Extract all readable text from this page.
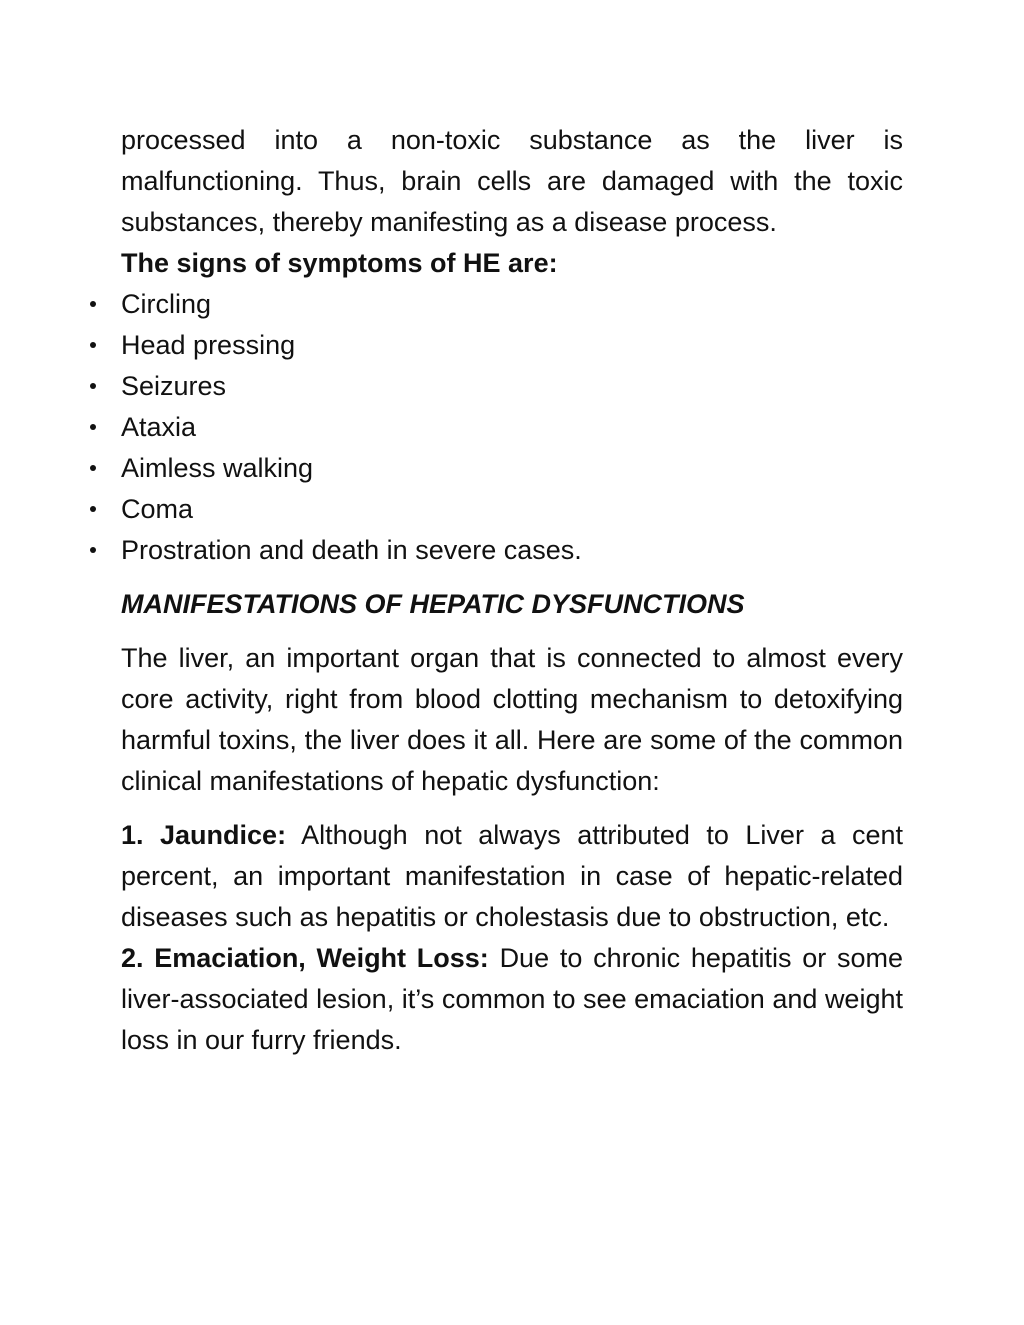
processed into a non-toxic substance as the liver is malfunctioning. Thus, brain cells are damaged with the toxic substances, thereby manifesting as a disease process.

The signs of symptoms of HE are:

Circling
Head pressing
Seizures
Ataxia
Aimless walking
Coma
Prostration and death in severe cases.

MANIFESTATIONS OF HEPATIC DYSFUNCTIONS

The liver, an important organ that is connected to almost every core activity, right from blood clotting mechanism to detoxifying harmful toxins, the liver does it all. Here are some of the common clinical manifestations of hepatic dysfunction:

1. Jaundice: Although not always attributed to Liver a cent percent, an important manifestation in case of hepatic-related diseases such as hepatitis or cholestasis due to obstruction, etc.

2. Emaciation, Weight Loss: Due to chronic hepatitis or some liver-associated lesion, it’s common to see emaciation and weight loss in our furry friends.
